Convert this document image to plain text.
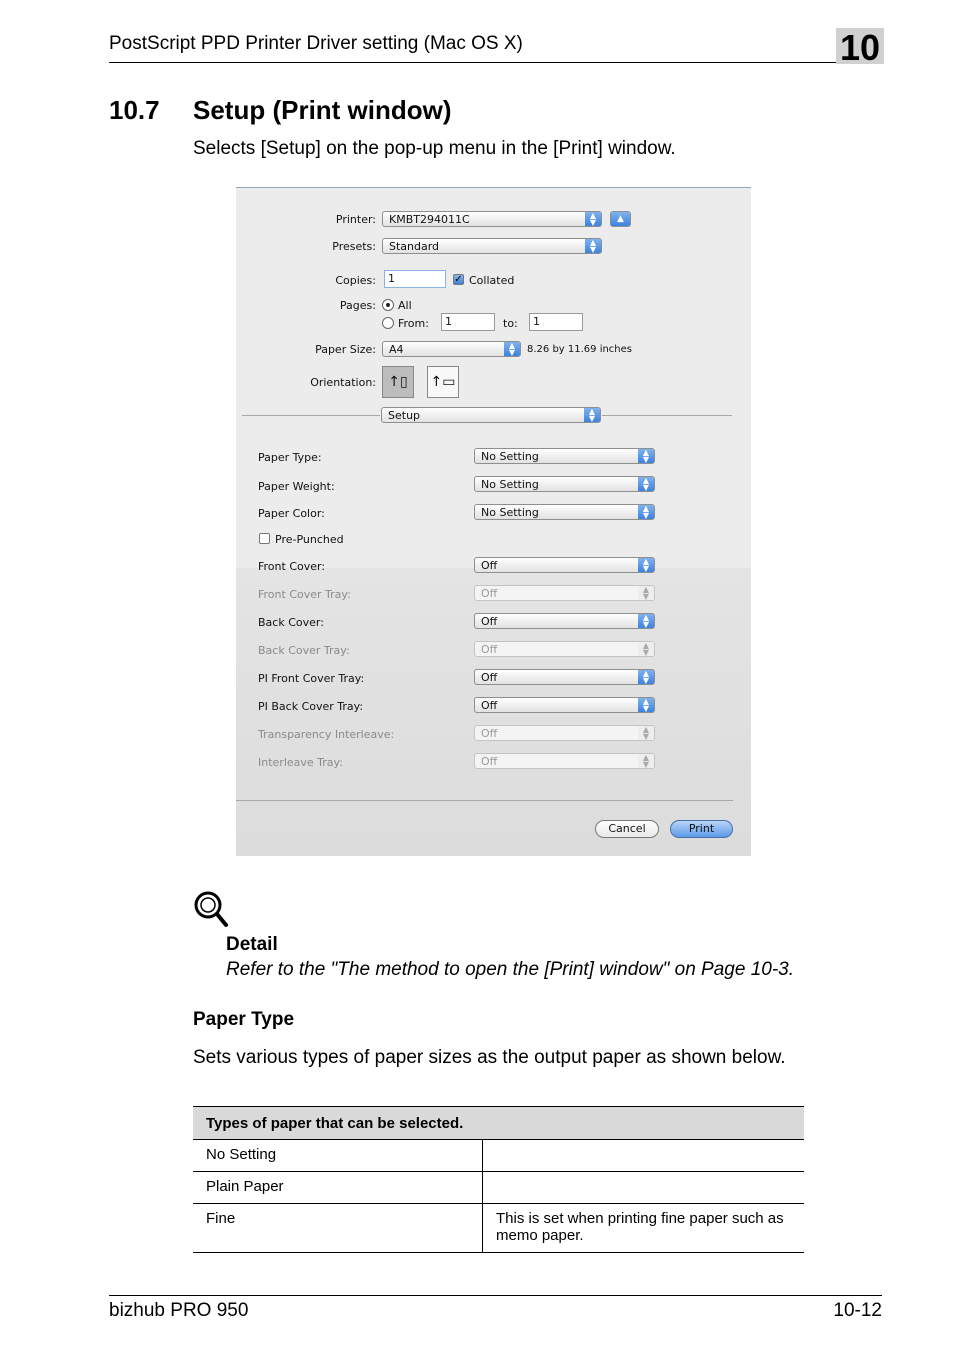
PostScript PPD Printer Driver setting (Mac OS X)	10
10.7 Setup (Print window)
Selects [Setup] on the pop-up menu in the [Print] window.
Printer: KMBT294011C	▲
▼	▲
Presets: Standard	▲
▼
Copies:	1	✓ Collated
Pages: All
From:	1	to:	1
Paper Size: A4	▲
▼	8.26 by 11.69 inches
Orientation: ↑▯	↑▭
Setup	▲
▼
Paper Type:	No Setting	▲
▼
Paper Weight:	No Setting	▲
▼
Paper Color:	No Setting	▲
▼
Pre-Punched
Front Cover:	Off	▲
▼
Front Cover Tray:	Off	▲
▼
Back Cover:	Off	▲
▼
Back Cover Tray:	Off	▲
▼
PI Front Cover Tray:	Off	▲
▼
PI Back Cover Tray:	Off	▲
▼
Transparency Interleave:	Off	▲
▼
Interleave Tray:	Off	▲
▼
Cancel	Print
Detail
Refer to the "The method to open the [Print] window" on Page 10-3.
Paper Type
Sets various types of paper sizes as the output paper as shown below.
Types of paper that can be selected.	
No Setting	
Plain Paper	
Fine	This is set when printing fine paper such as memo paper.
bizhub PRO 950	10-12
